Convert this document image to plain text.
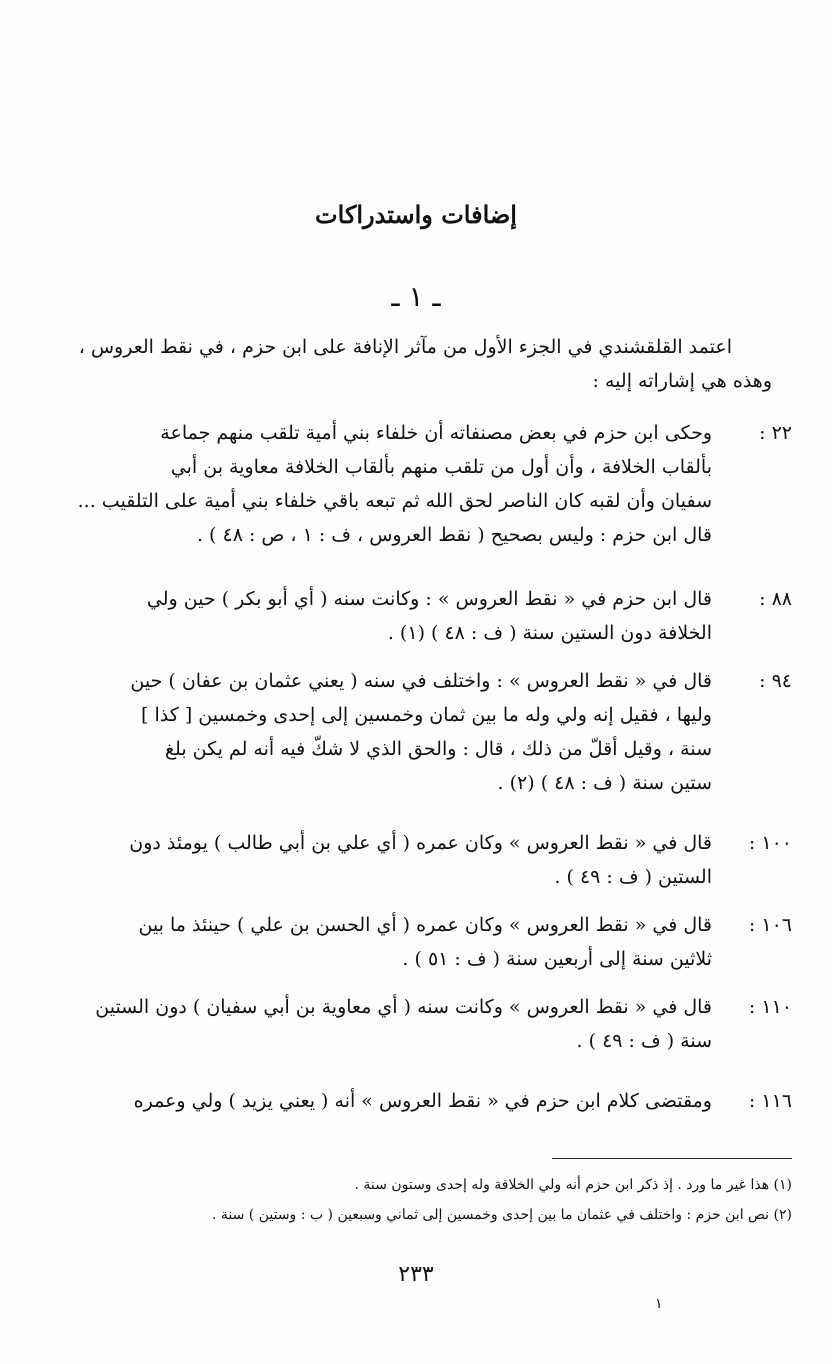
إضافات واستدراكات
ـ ١ ـ
اعتمد القلقشندي في الجزء الأول من مآثر الإنافة على ابن حزم ، في نقط العروس ،
وهذه هي إشاراته إليه :
٢٢ :
وحكى ابن حزم في بعض مصنفاته أن خلفاء بني أمية تلقب منهم جماعة
بألقاب الخلافة ، وأن أول من تلقب منهم بألقاب الخلافة معاوية بن أبي
سفيان وأن لقبه كان الناصر لحق الله ثم تبعه باقي خلفاء بني أمية على التلقيب ...
قال ابن حزم : وليس بصحيح ( نقط العروس ، ف : ١ ، ص : ٤٨ ) .
٨٨ :
قال ابن حزم في « نقط العروس » : وكانت سنه ( أي أبو بكر ) حين ولي
الخلافة دون الستين سنة ( ف : ٤٨ ) (١) .
٩٤ :
قال في « نقط العروس » : واختلف في سنه ( يعني عثمان بن عفان ) حين
وليها ، فقيل إنه ولي وله ما بين ثمان وخمسين إلى إحدى وخمسين [ كذا ]
سنة ، وقيل أقلّ من ذلك ، قال : والحق الذي لا شكّ فيه أنه لم يكن بلغ
ستين سنة ( ف : ٤٨ ) (٢) .
١٠٠ :
قال في « نقط العروس » وكان عمره ( أي علي بن أبي طالب ) يومئذ دون
الستين ( ف : ٤٩ ) .
١٠٦ :
قال في « نقط العروس » وكان عمره ( أي الحسن بن علي ) حينئذ ما بين
ثلاثين سنة إلى أربعين سنة ( ف : ٥١ ) .
١١٠ :
قال في « نقط العروس » وكانت سنه ( أي معاوية بن أبي سفيان ) دون الستين
سنة ( ف : ٤٩ ) .
١١٦ :
ومقتضى كلام ابن حزم في « نقط العروس » أنه ( يعني يزيد ) ولي وعمره
(١) هذا غير ما ورد . إذ ذكر ابن حزم أنه ولي الخلافة وله إحدى وستون سنة .
(٢) نص ابن حزم : واختلف في عثمان ما بين إحدى وخمسين إلى ثماني وسبعين ( ب : وستين ) سنة .
٢٣٣
١
